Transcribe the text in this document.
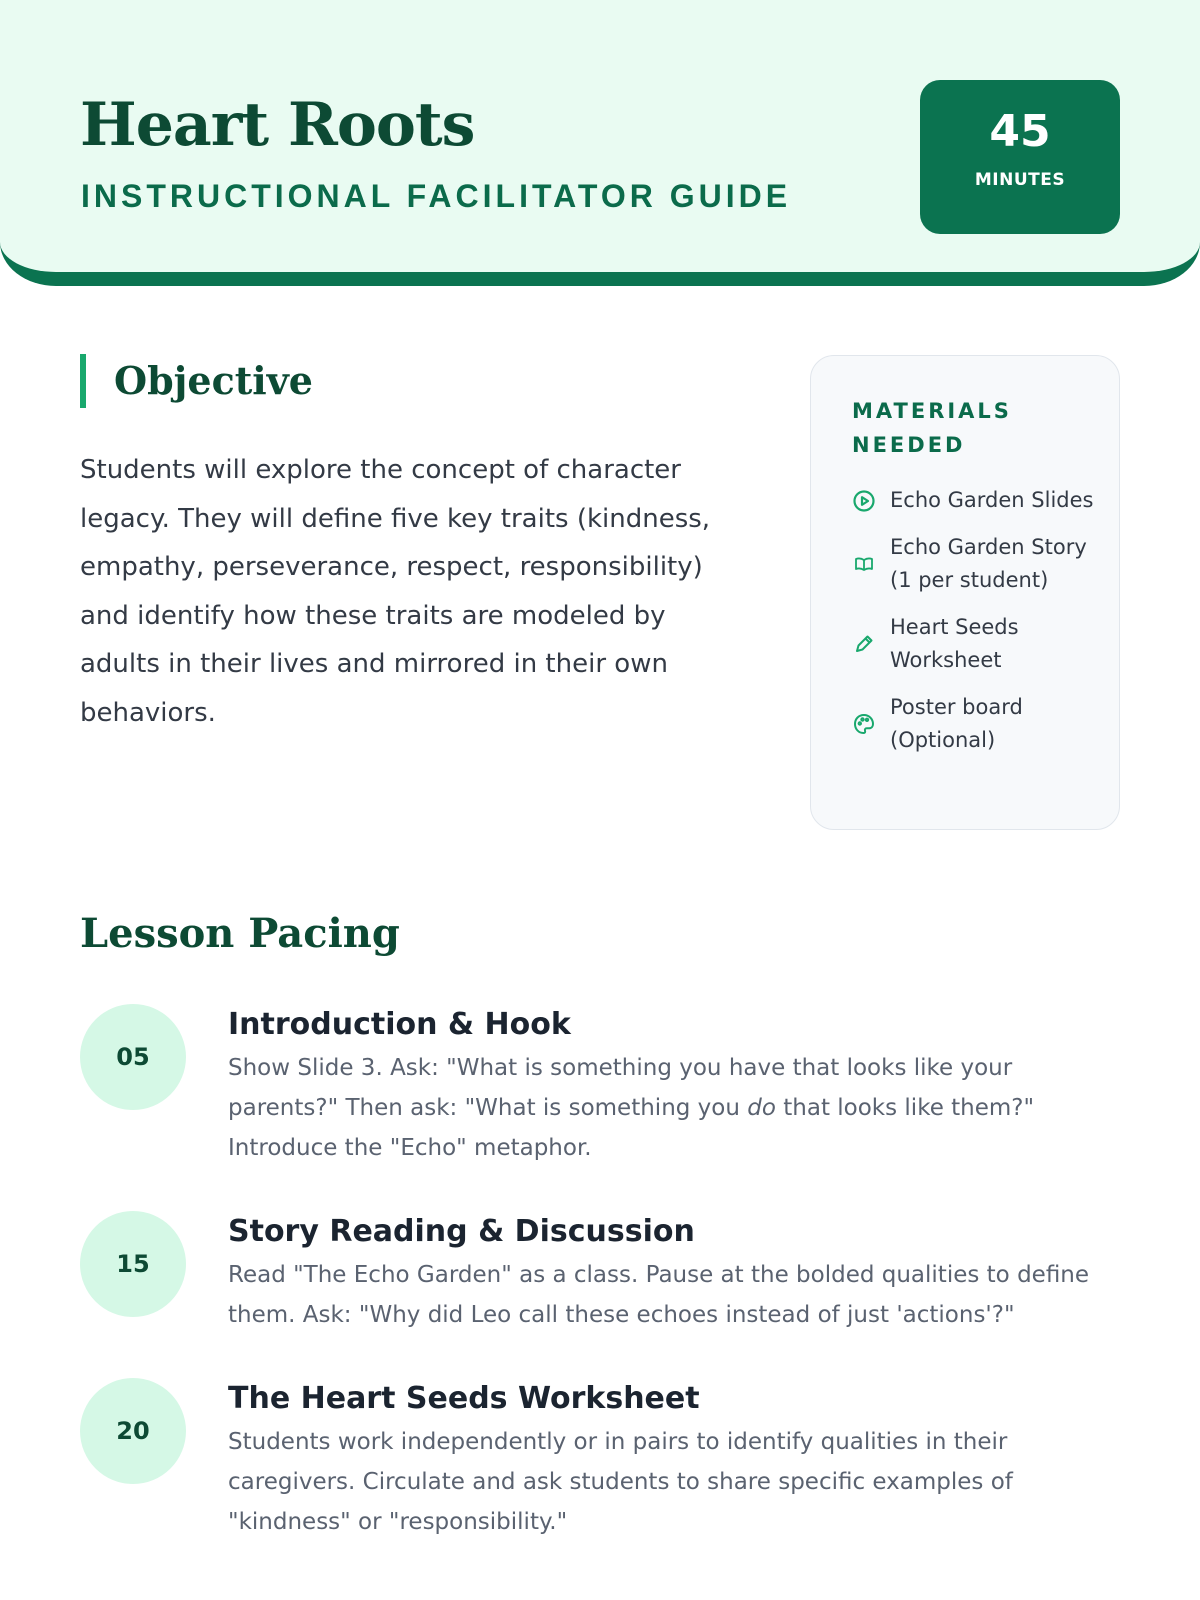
Heart Roots
INSTRUCTIONAL FACILITATOR GUIDE
45
MINUTES
Objective

Students will explore the concept of character legacy. They will define five key traits (kindness, empathy, perseverance, respect, responsibility) and identify how these traits are modeled by adults in their lives and mirrored in their own behaviors.

MATERIALS
NEEDED
Echo Garden Slides
Echo Garden Story (1 per student)
Heart Seeds Worksheet
Poster board (Optional)
Lesson Pacing
05
Introduction & Hook

Show Slide 3. Ask: "What is something you have that looks like your parents?" Then ask: "What is something you do that looks like them?" Introduce the "Echo" metaphor.

15
Story Reading & Discussion

Read "The Echo Garden" as a class. Pause at the bolded qualities to define them. Ask: "Why did Leo call these echoes instead of just 'actions'?"

20
The Heart Seeds Worksheet

Students work independently or in pairs to identify qualities in their caregivers. Circulate and ask students to share specific examples of "kindness" or "responsibility."
